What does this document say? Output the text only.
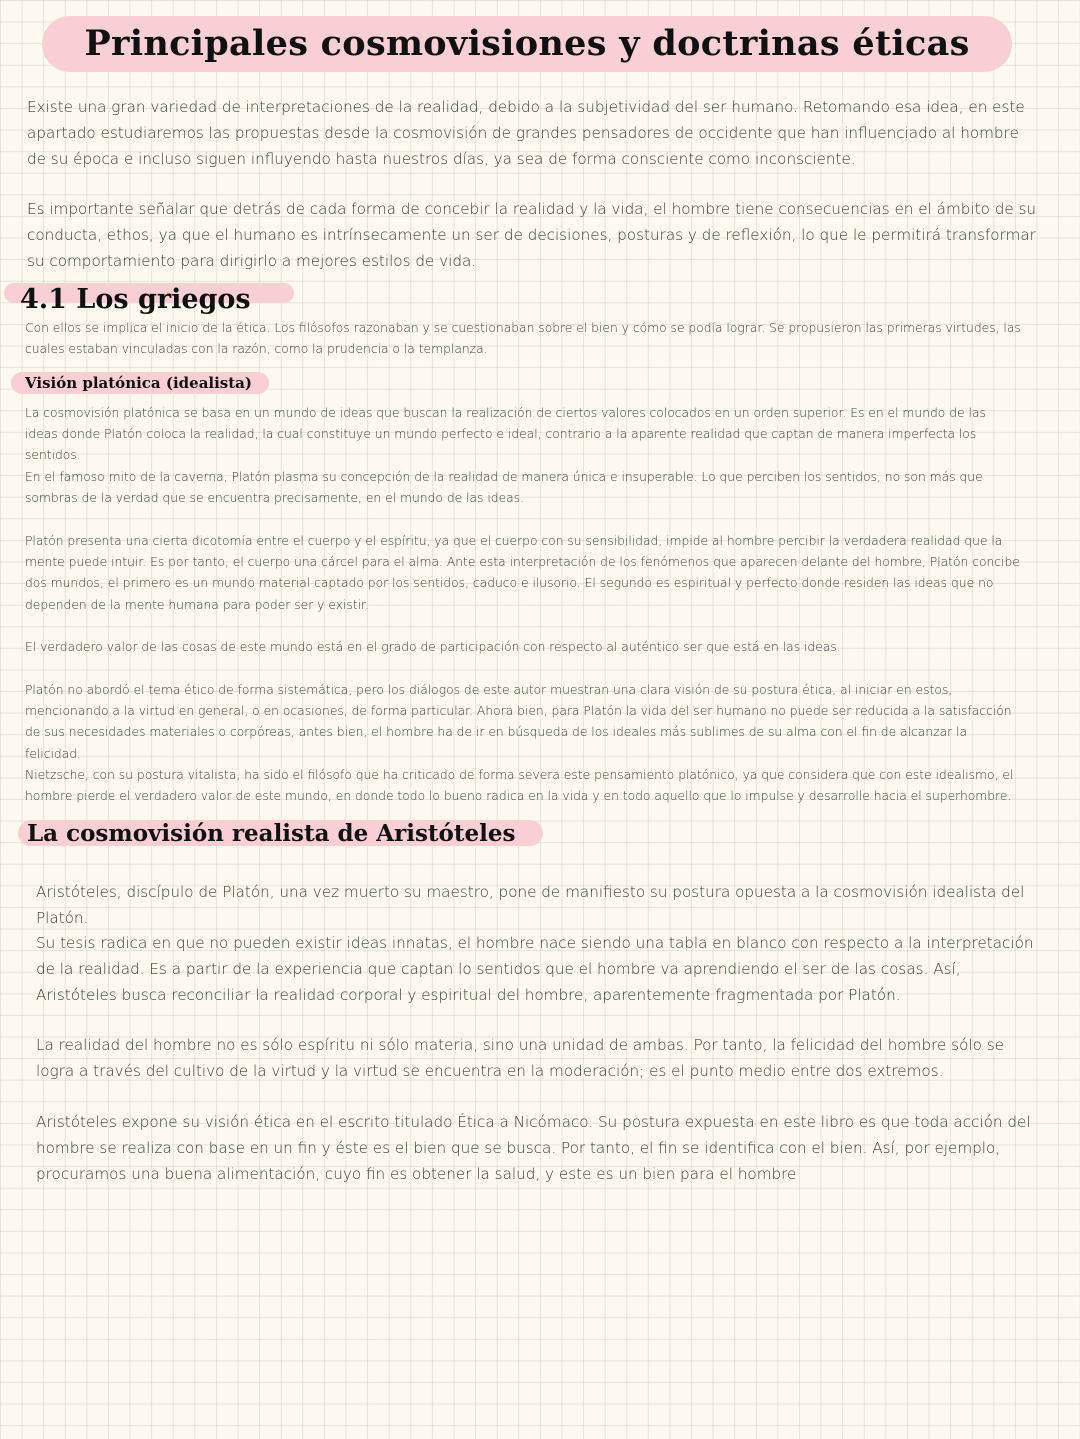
Principales cosmovisiones y doctrinas éticas

Existe una gran variedad de interpretaciones de la realidad, debido a la subjetividad del ser humano. Retomando esa idea, en este apartado estudiaremos las propuestas desde la cosmovisión de grandes pensadores de occidente que han influenciado al hombre de su época e incluso siguen influyendo hasta nuestros días, ya sea de forma consciente como inconsciente.

Es importante señalar que detrás de cada forma de concebir la realidad y la vida, el hombre tiene consecuencias en el ámbito de su conducta, ethos, ya que el humano es intrínsecamente un ser de decisiones, posturas y de reflexión, lo que le permitirá transformar su comportamiento para dirigirlo a mejores estilos de vida.

4.1 Los griegos

Con ellos se implica el inicio de la ética. Los filósofos razonaban y se cuestionaban sobre el bien y cómo se podía lograr. Se propusieron las primeras virtudes, las cuales estaban vinculadas con la razón, como la prudencia o la templanza.

Visión platónica (idealista)

La cosmovisión platónica se basa en un mundo de ideas que buscan la realización de ciertos valores colocados en un orden superior. Es en el mundo de las ideas donde Platón coloca la realidad, la cual constituye un mundo perfecto e ideal, contrario a la aparente realidad que captan de manera imperfecta los sentidos.

En el famoso mito de la caverna, Platón plasma su concepción de la realidad de manera única e insuperable. Lo que perciben los sentidos, no son más que sombras de la verdad que se encuentra precisamente, en el mundo de las ideas.

Platón presenta una cierta dicotomía entre el cuerpo y el espíritu, ya que el cuerpo con su sensibilidad, impide al hombre percibir la verdadera realidad que la mente puede intuir. Es por tanto, el cuerpo una cárcel para el alma. Ante esta interpretación de los fenómenos que aparecen delante del hombre, Platón concibe dos mundos, el primero es un mundo material captado por los sentidos, caduco e ilusorio. El segundo es espiritual y perfecto donde residen las ideas que no dependen de la mente humana para poder ser y existir.

El verdadero valor de las cosas de este mundo está en el grado de participación con respecto al auténtico ser que está en las ideas.

Platón no abordó el tema ético de forma sistemática, pero los diálogos de este autor muestran una clara visión de su postura ética, al iniciar en estos, mencionando a la virtud en general, o en ocasiones, de forma particular. Ahora bien, para Platón la vida del ser humano no puede ser reducida a la satisfacción de sus necesidades materiales o corpóreas, antes bien, el hombre ha de ir en búsqueda de los ideales más sublimes de su alma con el fin de alcanzar la felicidad.

Nietzsche, con su postura vitalista, ha sido el filósofo que ha criticado de forma severa este pensamiento platónico, ya que considera que con este idealismo, el hombre pierde el verdadero valor de este mundo, en donde todo lo bueno radica en la vida y en todo aquello que lo impulse y desarrolle hacia el superhombre.

La cosmovisión realista de Aristóteles

Aristóteles, discípulo de Platón, una vez muerto su maestro, pone de manifiesto su postura opuesta a la cosmovisión idealista del Platón.

Su tesis radica en que no pueden existir ideas innatas, el hombre nace siendo una tabla en blanco con respecto a la interpretación de la realidad. Es a partir de la experiencia que captan lo sentidos que el hombre va aprendiendo el ser de las cosas. Así, Aristóteles busca reconciliar la realidad corporal y espiritual del hombre, aparentemente fragmentada por Platón.

La realidad del hombre no es sólo espíritu ni sólo materia, sino una unidad de ambas. Por tanto, la felicidad del hombre sólo se logra a través del cultivo de la virtud y la virtud se encuentra en la moderación; es el punto medio entre dos extremos.

Aristóteles expone su visión ética en el escrito titulado Ética a Nicómaco. Su postura expuesta en este libro es que toda acción del hombre se realiza con base en un fin y éste es el bien que se busca. Por tanto, el fin se identifica con el bien. Así, por ejemplo, procuramos una buena alimentación, cuyo fin es obtener la salud, y este es un bien para el hombre
